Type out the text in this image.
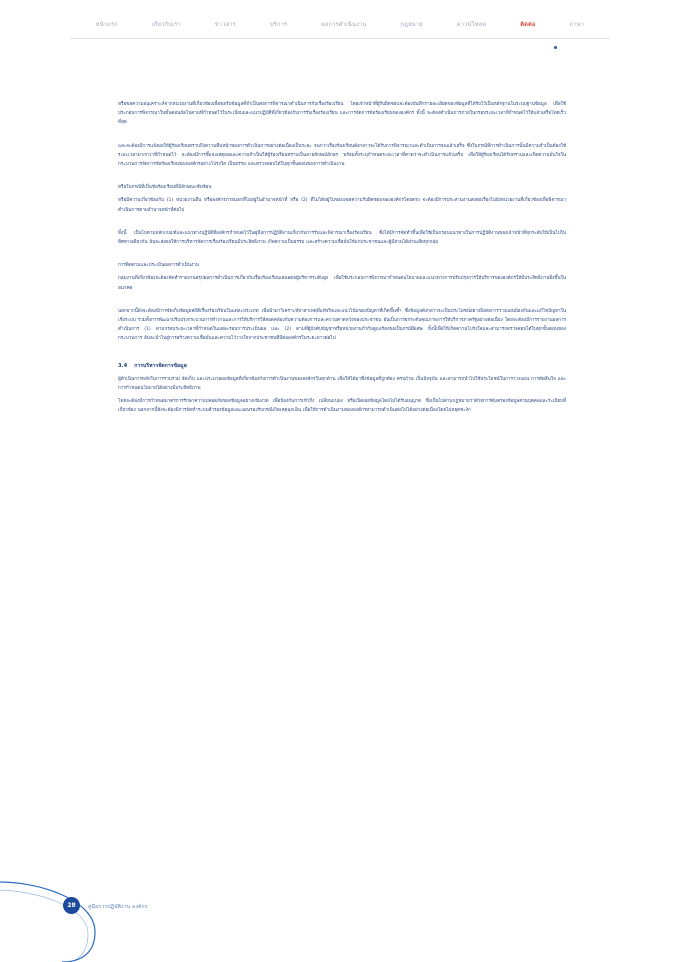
หน้าแรก	เกี่ยวกับเรา	ข่าวสาร	บริการ	ผลการดำเนินงาน	กฎหมาย	ดาวน์โหลด	ติดต่อ	ภาษา

หรือขอความอนุเคราะห์จากหน่วยงานที่เกี่ยวข้องเพื่อขอรับข้อมูลที่จำเป็นต่อการพิจารณาดำเนินการกับเรื่องร้องเรียน โดยเจ้าหน้าที่ผู้รับผิดชอบจะต้องบันทึกรายละเอียดของข้อมูลที่ได้รับไว้เป็นหลักฐานในระบบฐานข้อมูล เพื่อใช้ประกอบการพิจารณาในขั้นตอนถัดไปตามที่กำหนดไว้ในระเบียบและแนวปฏิบัติที่เกี่ยวข้องกับการรับเรื่องร้องเรียน และการจัดการข้อร้องเรียนขององค์กร ทั้งนี้ จะต้องดำเนินการภายในกรอบระยะเวลาที่กำหนดไว้ให้แล้วเสร็จโดยเร็วที่สุด

และจะต้องมีการแจ้งผลให้ผู้ร้องเรียนทราบถึงความคืบหน้าของการดำเนินการอย่างต่อเนื่องเป็นระยะ จนกว่าเรื่องร้องเรียนดังกล่าวจะได้รับการพิจารณาและดำเนินการจนแล้วเสร็จ ซึ่งในกรณีที่การดำเนินการนั้นมีความจำเป็นต้องใช้ระยะเวลามากกว่าที่กำหนดไว้ จะต้องมีการชี้แจงเหตุผลและความจำเป็นให้ผู้ร้องเรียนทราบเป็นลายลักษณ์อักษร พร้อมทั้งระบุกำหนดระยะเวลาที่คาดว่าจะดำเนินการแล้วเสร็จ เพื่อให้ผู้ร้องเรียนได้รับทราบและเกิดความมั่นใจในกระบวนการจัดการข้อร้องเรียนขององค์กรอย่างโปร่งใส เป็นธรรม และตรวจสอบได้ในทุกขั้นตอนของการดำเนินงาน

หรือในกรณีที่เป็นข้อร้องเรียนที่มีลักษณะซับซ้อน

หรือมีความเกี่ยวข้องกับ (1) หน่วยงานอื่น หรือองค์กรภายนอกที่ไม่อยู่ในอำนาจหน้าที่ หรือ (2) ที่ไม่ได้อยู่ในขอบเขตความรับผิดชอบขององค์กรโดยตรง จะต้องมีการประสานงานส่งต่อเรื่องไปยังหน่วยงานที่เกี่ยวข้องเพื่อพิจารณาดำเนินการตามอำนาจหน้าที่ต่อไป

ทั้งนี้ เป็นไปตามหลักเกณฑ์และแนวทางปฏิบัติที่องค์กรกำหนดไว้ในคู่มือการปฏิบัติงานเกี่ยวกับการรับและพิจารณาเรื่องร้องเรียน ซึ่งได้มีการจัดทำขึ้นเพื่อใช้เป็นกรอบแนวทางในการปฏิบัติงานของเจ้าหน้าที่ทุกระดับให้เป็นไปในทิศทางเดียวกัน อันจะส่งผลให้การบริหารจัดการเรื่องร้องเรียนมีประสิทธิภาพ เกิดความเป็นธรรม และสร้างความเชื่อมั่นให้แก่ประชาชนและผู้มีส่วนได้ส่วนเสียทุกกลุ่ม

การติดตามและประเมินผลการดำเนินงาน

กลุ่มงานที่เกี่ยวข้องจะต้องจัดทำรายงานสรุปผลการดำเนินการเกี่ยวกับเรื่องร้องเรียนเสนอต่อผู้บริหารระดับสูง เพื่อใช้ประกอบการพิจารณากำหนดนโยบายและแนวทางการปรับปรุงการให้บริการขององค์กรให้มีประสิทธิภาพยิ่งขึ้นในอนาคต

นอกจากนี้ยังจะต้องมีการจัดเก็บข้อมูลสถิติเรื่องร้องเรียนในแต่ละประเภท เพื่อนำมาวิเคราะห์หาสาเหตุที่แท้จริงและแนวโน้มของปัญหาที่เกิดขึ้นซ้ำ ซึ่งข้อมูลดังกล่าวจะเป็นประโยชน์อย่างยิ่งต่อการวางแผนป้องกันและแก้ไขปัญหาในเชิงระบบ รวมทั้งการพัฒนาปรับปรุงกระบวนการทำงานและการให้บริการให้สอดคล้องกับความต้องการและความคาดหวังของประชาชน อันเป็นการยกระดับคุณภาพการให้บริการภาครัฐอย่างต่อเนื่อง โดยจะต้องมีการรายงานผลการดำเนินการ (1) ตามกรอบระยะเวลาที่กำหนดในแต่ละรอบการประเมินผล และ (2) ตามที่ผู้บังคับบัญชาหรือหน่วยงานกำกับดูแลร้องขอเป็นกรณีพิเศษ ทั้งนี้เพื่อให้เกิดความโปร่งใสและสามารถตรวจสอบได้ในทุกขั้นตอนของกระบวนการ อันจะนำไปสู่การสร้างความเชื่อมั่นและความไว้วางใจจากประชาชนที่มีต่อองค์กรในระยะยาวต่อไป

3.4 การบริหารจัดการข้อมูล

ผู้ดำเนินการหลักในการรวบรวม จัดเก็บ และประมวลผลข้อมูลที่เกี่ยวข้องกับการดำเนินงานขององค์กรในทุกด้าน เพื่อให้ได้มาซึ่งข้อมูลที่ถูกต้อง ครบถ้วน เป็นปัจจุบัน และสามารถนำไปใช้ประโยชน์ในการวางแผน การตัดสินใจ และการกำหนดนโยบายได้อย่างมีประสิทธิภาพ

โดยจะต้องมีการกำหนดมาตรการรักษาความปลอดภัยของข้อมูลอย่างเข้มงวด เพื่อป้องกันการเข้าถึง เปลี่ยนแปลง หรือเปิดเผยข้อมูลโดยไม่ได้รับอนุญาต ซึ่งเป็นไปตามกฎหมายว่าด้วยการคุ้มครองข้อมูลส่วนบุคคลและระเบียบที่เกี่ยวข้อง นอกจากนี้ยังจะต้องมีการจัดทำระบบสำรองข้อมูลและแผนรองรับกรณีเกิดเหตุฉุกเฉิน เพื่อให้การดำเนินงานขององค์กรสามารถดำเนินต่อไปได้อย่างต่อเนื่องโดยไม่หยุดชะงัก

28	คู่มือการปฏิบัติงาน องค์กร
